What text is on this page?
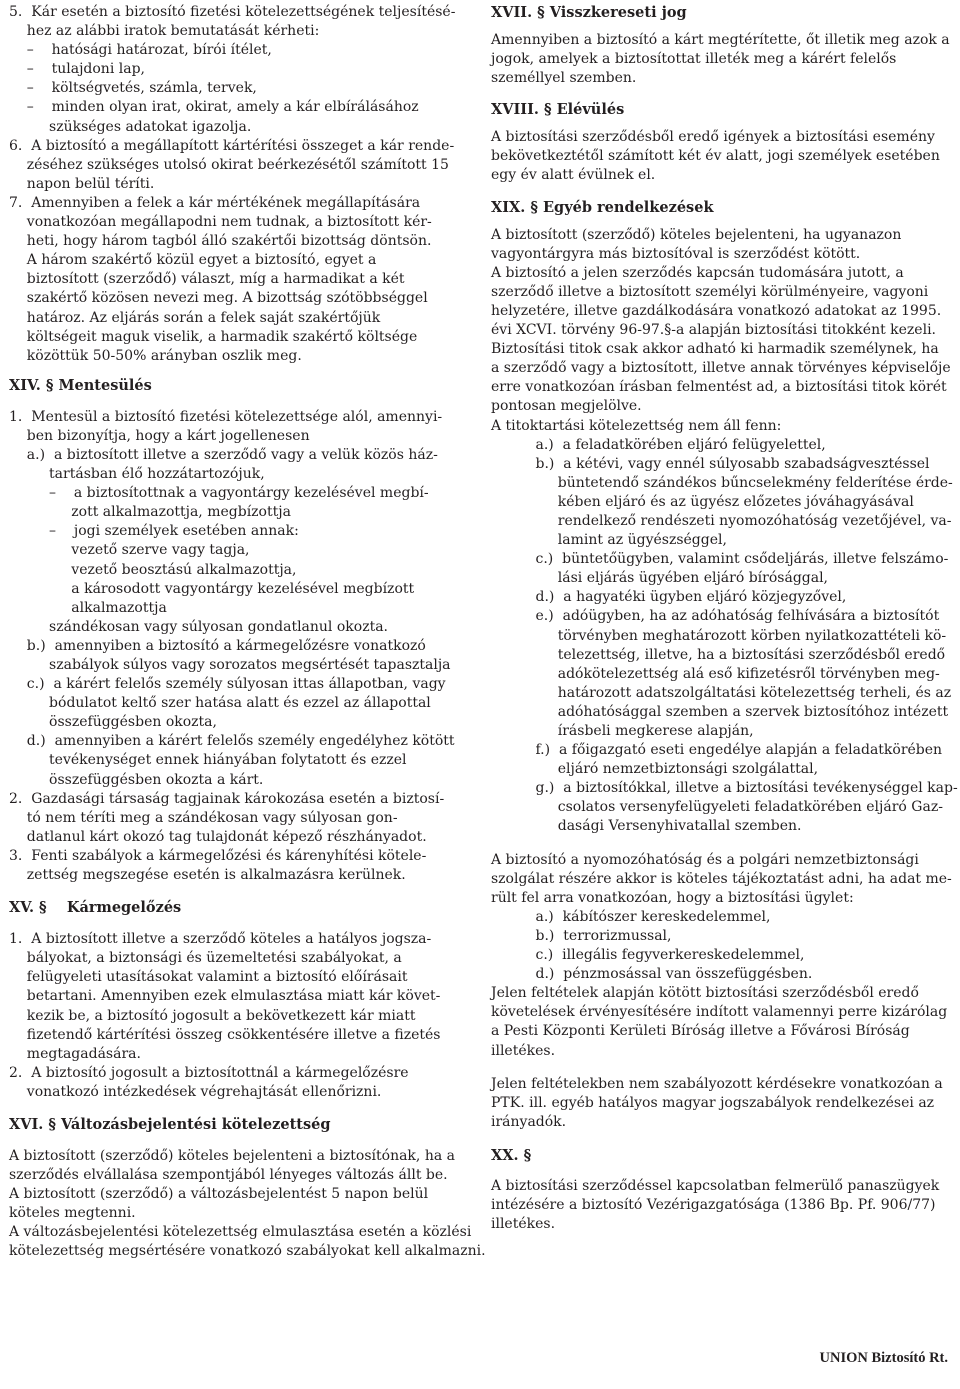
5.  Kár esetén a biztosító fizetési kötelezettségének teljesítésé-
hez az alábbi iratok bemutatását kérheti:
–    hatósági határozat, bírói ítélet,
–    tulajdoni lap,
–    költségvetés, számla, tervek,
–    minden olyan irat, okirat, amely a kár elbírálásához
szükséges adatokat igazolja.
6.  A biztosító a megállapított kártérítési összeget a kár rende-
zéséhez szükséges utolsó okirat beérkezésétől számított 15
napon belül téríti.
7.  Amennyiben a felek a kár mértékének megállapítására
vonatkozóan megállapodni nem tudnak, a biztosított kér-
heti, hogy három tagból álló szakértői bizottság döntsön.
A három szakértő közül egyet a biztosító, egyet a
biztosított (szerződő) választ, míg a harmadikat a két
szakértő közösen nevezi meg. A bizottság szótöbbséggel
határoz. Az eljárás során a felek saját szakértőjük
költségeit maguk viselik, a harmadik szakértő költsége
közöttük 50-50% arányban oszlik meg.
XIV. § Mentesülés
1.  Mentesül a biztosító fizetési kötelezettsége alól, amennyi-
ben bizonyítja, hogy a kárt jogellenesen
a.)  a biztosított illetve a szerződő vagy a velük közös ház-
tartásban élő hozzátartozójuk,
–    a biztosítottnak a vagyontárgy kezelésével megbí-
zott alkalmazottja, megbízottja
–    jogi személyek esetében annak:
vezető szerve vagy tagja,
vezető beosztású alkalmazottja,
a károsodott vagyontárgy kezelésével megbízott
alkalmazottja
szándékosan vagy súlyosan gondatlanul okozta.
b.)  amennyiben a biztosító a kármegelőzésre vonatkozó
szabályok súlyos vagy sorozatos megsértését tapasztalja
c.)  a kárért felelős személy súlyosan ittas állapotban, vagy
bódulatot keltő szer hatása alatt és ezzel az állapottal
összefüggésben okozta,
d.)  amennyiben a kárért felelős személy engedélyhez kötött
tevékenységet ennek hiányában folytatott és ezzel
összefüggésben okozta a kárt.
2.  Gazdasági társaság tagjainak károkozása esetén a biztosí-
tó nem téríti meg a szándékosan vagy súlyosan gon-
datlanul kárt okozó tag tulajdonát képező részhányadot.
3.  Fenti szabályok a kármegelőzési és kárenyhítési kötele-
zettség megszegése esetén is alkalmazásra kerülnek.
XV. §    Kármegelőzés
1.  A biztosított illetve a szerződő köteles a hatályos jogsza-
bályokat, a biztonsági és üzemeltetési szabályokat, a
felügyeleti utasításokat valamint a biztosító előírásait
betartani. Amennyiben ezek elmulasztása miatt kár követ-
kezik be, a biztosító jogosult a bekövetkezett kár miatt
fizetendő kártérítési összeg csökkentésére illetve a fizetés
megtagadására.
2.  A biztosító jogosult a biztosítottnál a kármegelőzésre
vonatkozó intézkedések végrehajtását ellenőrizni.
XVI. § Változásbejelentési kötelezettség
A biztosított (szerződő) köteles bejelenteni a biztosítónak, ha a
szerződés elvállalása szempontjából lényeges változás állt be.
A biztosított (szerződő) a változásbejelentést 5 napon belül
köteles megtenni.
A változásbejelentési kötelezettség elmulasztása esetén a közlési
kötelezettség megsértésére vonatkozó szabályokat kell alkalmazni.
XVII. § Visszkereseti jog
Amennyiben a biztosító a kárt megtérítette, őt illetik meg azok a
jogok, amelyek a biztosítottat illeték meg a kárért felelős
személlyel szemben.
XVIII. § Elévülés
A biztosítási szerződésből eredő igények a biztosítási esemény
bekövetkeztétől számított két év alatt, jogi személyek esetében
egy év alatt évülnek el.
XIX. § Egyéb rendelkezések
A biztosított (szerződő) köteles bejelenteni, ha ugyanazon
vagyontárgyra más biztosítóval is szerződést kötött.
A biztosító a jelen szerződés kapcsán tudomására jutott, a
szerződő illetve a biztosított személyi körülményeire, vagyoni
helyzetére, illetve gazdálkodására vonatkozó adatokat az 1995.
évi XCVI. törvény 96-97.§-a alapján biztosítási titokként kezeli.
Biztosítási titok csak akkor adható ki harmadik személynek, ha
a szerződő vagy a biztosított, illetve annak törvényes képviselője
erre vonatkozóan írásban felmentést ad, a biztosítási titok körét
pontosan megjelölve.
A titoktartási kötelezettség nem áll fenn:
a.)  a feladatkörében eljáró felügyelettel,
b.)  a kétévi, vagy ennél súlyosabb szabadságvesztéssel
büntetendő szándékos bűncselekmény felderítése érde-
kében eljáró és az ügyész előzetes jóváhagyásával
rendelkező rendészeti nyomozóhatóság vezetőjével, va-
lamint az ügyészséggel,
c.)  büntetőügyben, valamint csődeljárás, illetve felszámo-
lási eljárás ügyében eljáró bírósággal,
d.)  a hagyatéki ügyben eljáró közjegyzővel,
e.)  adóügyben, ha az adóhatóság felhívására a biztosítót
törvényben meghatározott körben nyilatkozattételi kö-
telezettség, illetve, ha a biztosítási szerződésből eredő
adókötelezettség alá eső kifizetésről törvényben meg-
határozott adatszolgáltatási kötelezettség terheli, és az
adóhatósággal szemben a szervek biztosítóhoz intézett
írásbeli megkerese alapján,
f.)  a főigazgató eseti engedélye alapján a feladatkörében
eljáró nemzetbiztonsági szolgálattal,
g.)  a biztosítókkal, illetve a biztosítási tevékenységgel kap-
csolatos versenyfelügyeleti feladatkörében eljáró Gaz-
dasági Versenyhivatallal szemben.
A biztosító a nyomozóhatóság és a polgári nemzetbiztonsági
szolgálat részére akkor is köteles tájékoztatást adni, ha adat me-
rült fel arra vonatkozóan, hogy a biztosítási ügylet:
a.)  kábítószer kereskedelemmel,
b.)  terrorizmussal,
c.)  illegális fegyverkereskedelemmel,
d.)  pénzmosással van összefüggésben.
Jelen feltételek alapján kötött biztosítási szerződésből eredő
követelések érvényesítésére indított valamennyi perre kizárólag
a Pesti Központi Kerületi Bíróság illetve a Fővárosi Bíróság
illetékes.
Jelen feltételekben nem szabályozott kérdésekre vonatkozóan a
PTK. ill. egyéb hatályos magyar jogszabályok rendelkezései az
irányadók.
XX. §
A biztosítási szerződéssel kapcsolatban felmerülő panaszügyek
intézésére a biztosító Vezérigazgatósága (1386 Bp. Pf. 906/77)
illetékes.
UNION Biztosító Rt.
